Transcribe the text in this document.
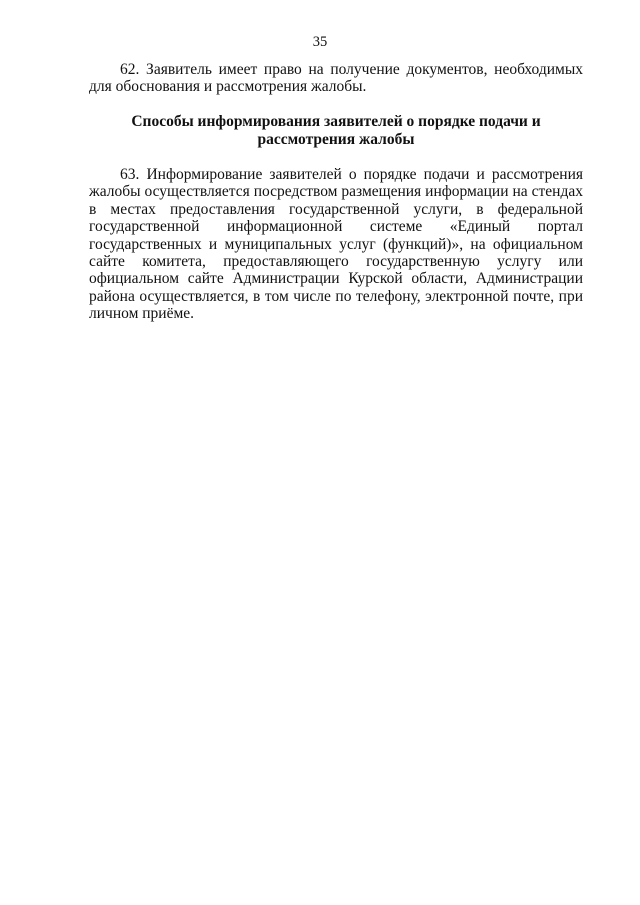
35
62. Заявитель имеет право на получение документов, необходимых
для обоснования и рассмотрения жалобы.
Способы информирования заявителей о порядке подачи и
рассмотрения жалобы
63. Информирование заявителей о порядке подачи и рассмотрения
жалобы осуществляется посредством размещения информации на стендах
в местах предоставления государственной услуги, в федеральной
государственной информационной системе «Единый портал
государственных и муниципальных услуг (функций)», на официальном
сайте комитета, предоставляющего государственную услугу или
официальном сайте Администрации Курской области, Администрации
района осуществляется, в том числе по телефону, электронной почте, при
личном приёме.
